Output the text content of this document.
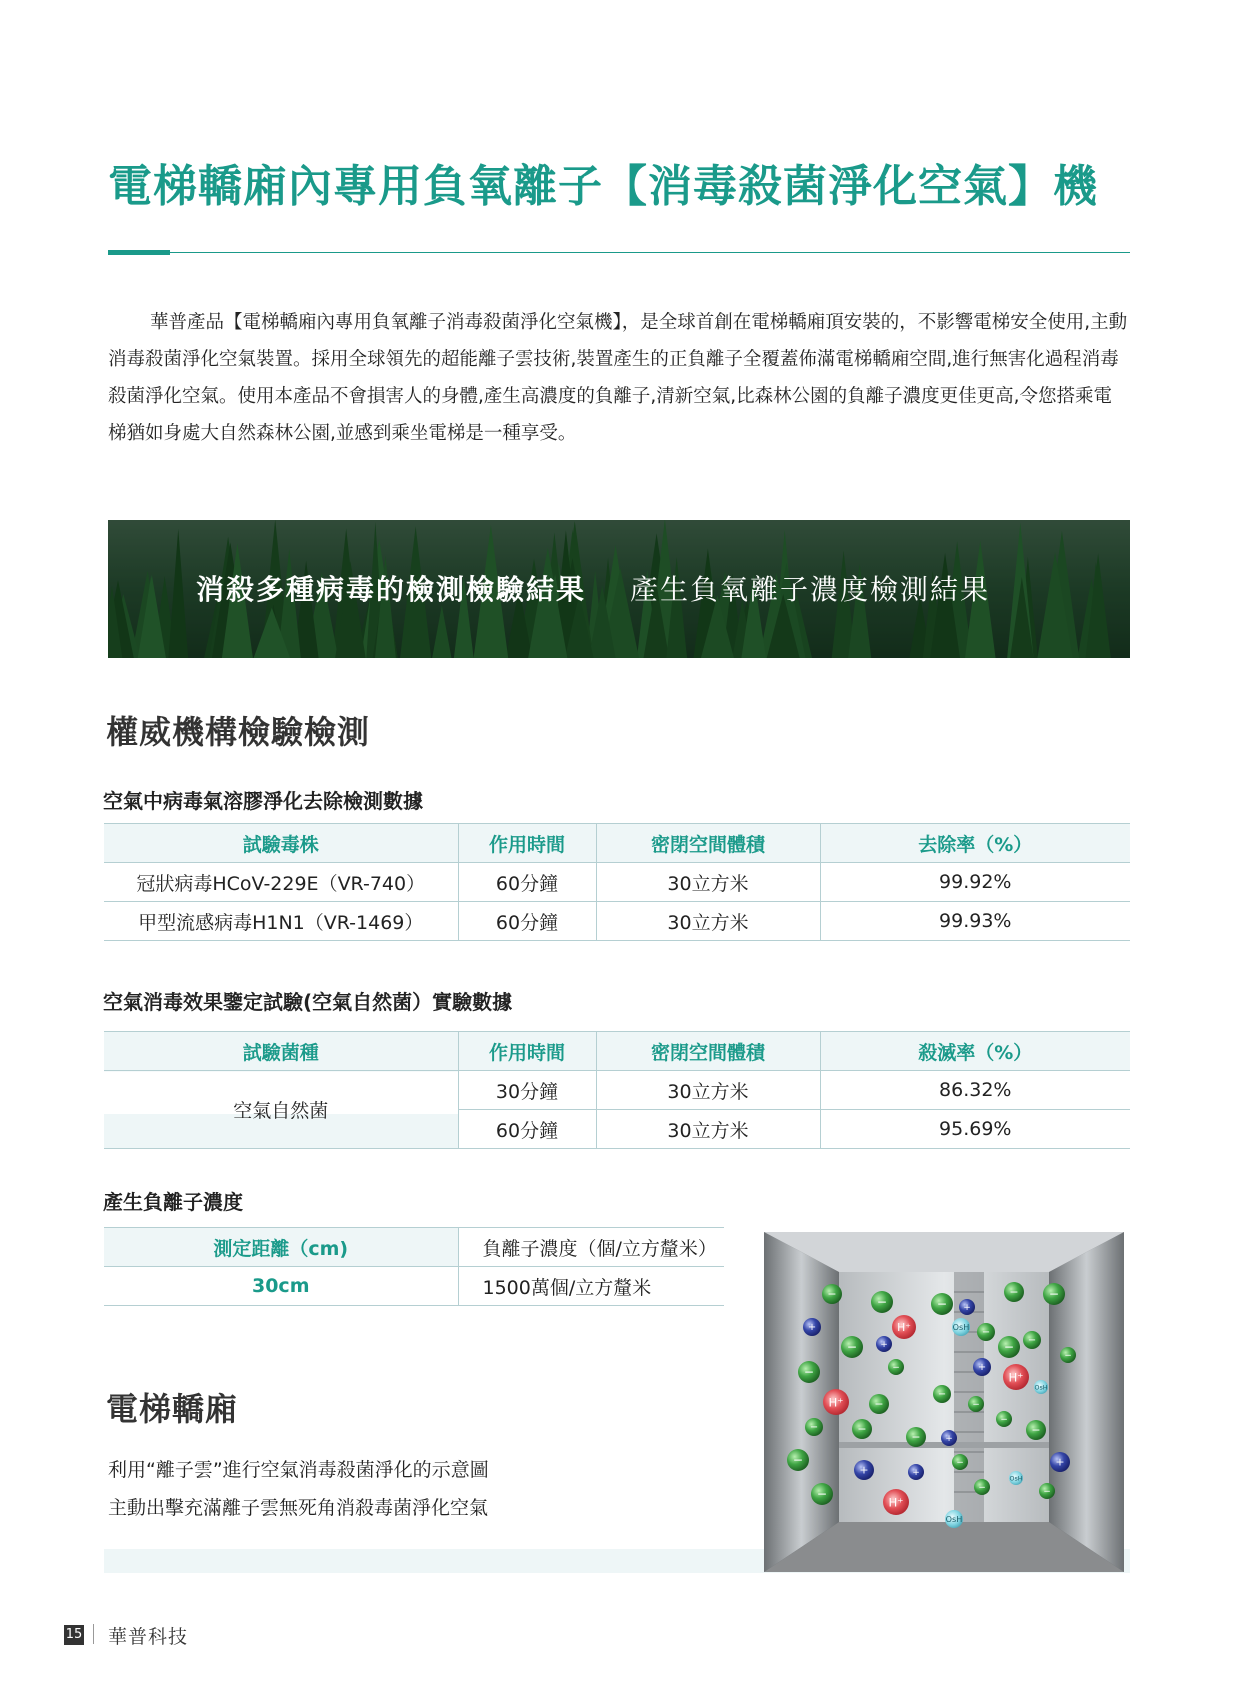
電梯轎廂內專用負氧離子【消毒殺菌淨化空氣】機
華普產品【電梯轎廂內專用負氧離子消毒殺菌淨化空氣機】，是全球首創在電梯轎廂頂安裝的，不影響電梯安全使用,主動消毒殺菌淨化空氣裝置。採用全球領先的超能離子雲技術,裝置產生的正負離子全覆蓋佈滿電梯轎廂空間,進行無害化過程消毒殺菌淨化空氣。使用本產品不會損害人的身體,產生高濃度的負離子,清新空氣,比森林公園的負離子濃度更佳更高,令您搭乘電梯猶如身處大自然森林公園,並感到乘坐電梯是一種享受。
消殺多種病毒的檢測檢驗結果 產生負氧離子濃度檢測結果
權威機構檢驗檢測
空氣中病毒氣溶膠淨化去除檢測數據
試驗毒株	作用時間	密閉空間體積	去除率（%）
冠狀病毒HCoV-229E（VR-740）	60分鐘	30立方米	99.92%
甲型流感病毒H1N1（VR-1469）	60分鐘	30立方米	99.93%
空氣消毒效果鑒定試驗(空氣自然菌）實驗數據
試驗菌種	作用時間	密閉空間體積	殺滅率（%）
空氣自然菌	30分鐘	30立方米	86.32%
	60分鐘	30立方米	95.69%
產生負離子濃度
測定距離（cm)	負離子濃度（個/立方釐米）
30cm	1500萬個/立方釐米
電梯轎廂
利用“離子雲”進行空氣消毒殺菌淨化的示意圖
主動出擊充滿離子雲無死角消殺毒菌淨化空氣
−
−	−
−	−
+
−
H⁺
+
+
OsH −
− −
−
−	−	+
H⁺
OsH
H⁺	−
−
−
−
−	−
−	+
−
−
+	+
−
OsH
+
−
H⁺
−	−
OsH
15 華普科技
